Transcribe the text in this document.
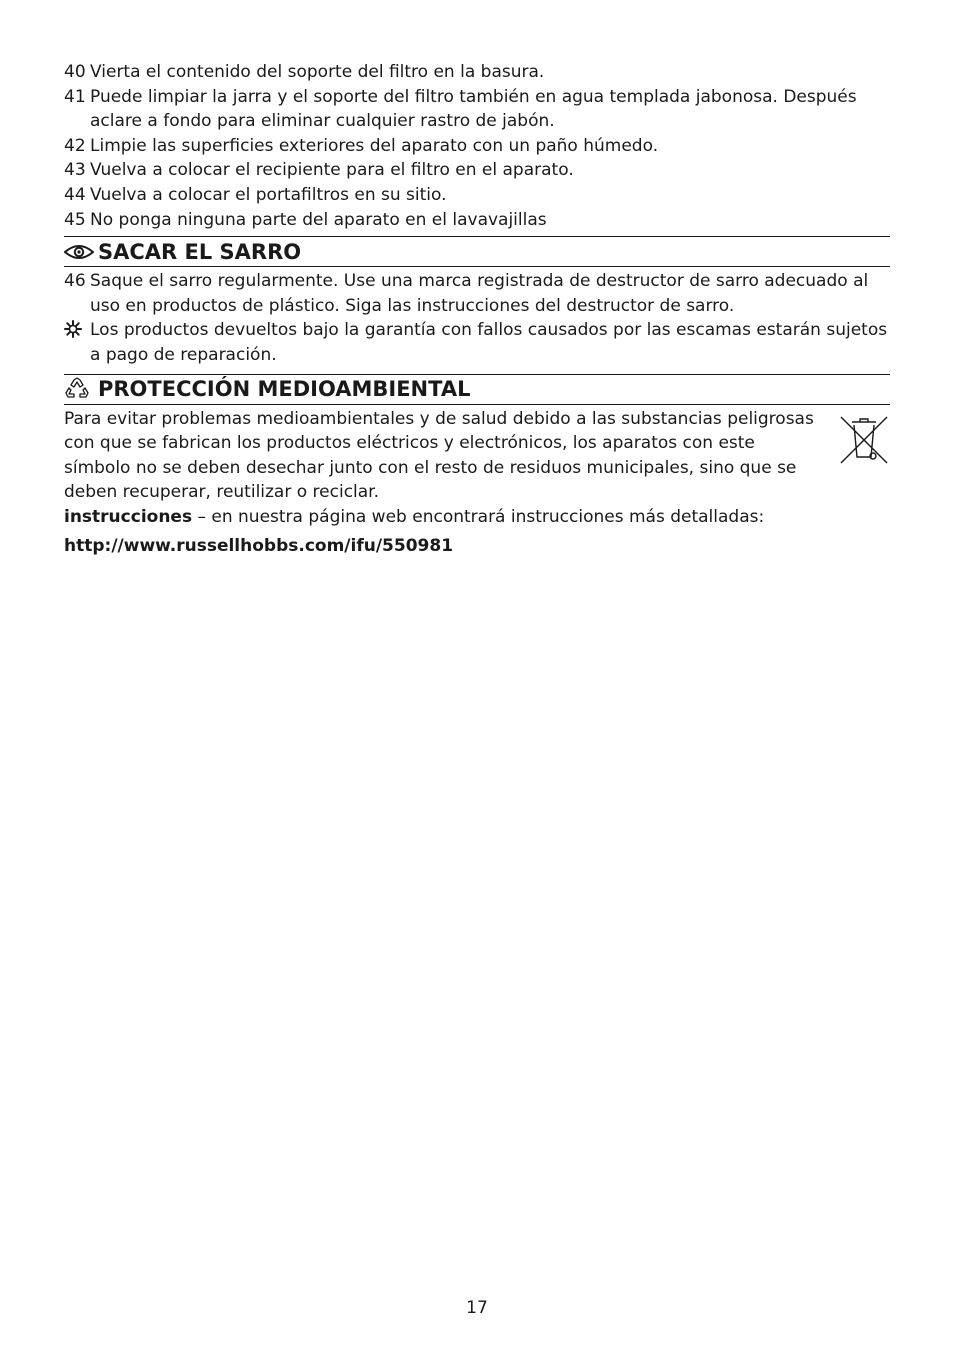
40 Vierta el contenido del soporte del filtro en la basura.
41 Puede limpiar la jarra y el soporte del filtro también en agua templada jabonosa. Después aclare a fondo para eliminar cualquier rastro de jabón.
42 Limpie las superficies exteriores del aparato con un paño húmedo.
43 Vuelva a colocar el recipiente para el filtro en el aparato.
44 Vuelva a colocar el portafiltros en su sitio.
45 No ponga ninguna parte del aparato en el lavavajillas
SACAR EL SARRO
46 Saque el sarro regularmente. Use una marca registrada de destructor de sarro adecuado al uso en productos de plástico. Siga las instrucciones del destructor de sarro.
Los productos devueltos bajo la garantía con fallos causados por las escamas estarán sujetos a pago de reparación.
PROTECCIÓN MEDIOAMBIENTAL
Para evitar problemas medioambientales y de salud debido a las substancias peligrosas con que se fabrican los productos eléctricos y electrónicos, los aparatos con este símbolo no se deben desechar junto con el resto de residuos municipales, sino que se deben recuperar, reutilizar o reciclar.
instrucciones – en nuestra página web encontrará instrucciones más detalladas:
http://www.russellhobbs.com/ifu/550981
17
